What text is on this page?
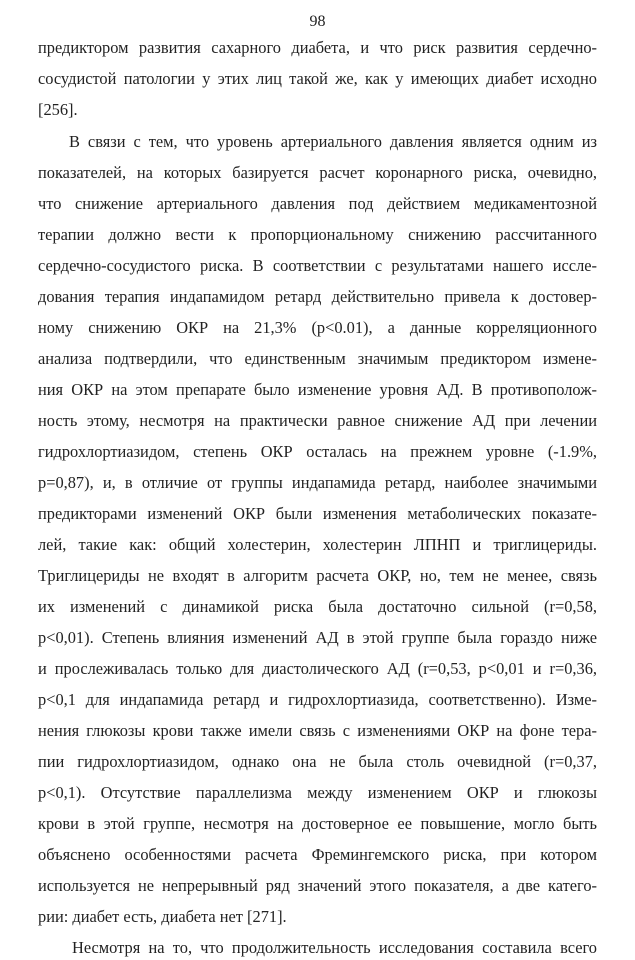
98
предиктором развития сахарного диабета, и что риск развития сердечно-
сосудистой патологии у этих лиц такой же, как у имеющих диабет исходно
[256].
В связи с тем, что уровень артериального давления является одним из
показателей, на которых базируется расчет коронарного риска, очевидно,
что снижение артериального давления под действием медикаментозной
терапии должно вести к пропорциональному снижению рассчитанного
сердечно-сосудистого риска. В соответствии с результатами нашего иссле-
дования терапия индапамидом ретард действительно привела к достовер-
ному снижению ОКР на 21,3% (p<0.01), а данные корреляционного
анализа подтвердили, что единственным значимым предиктором измене-
ния ОКР на этом препарате было изменение уровня АД. В противополож-
ность этому, несмотря на практически равное снижение АД при лечении
гидрохлортиазидом, степень ОКР осталась на прежнем уровне (-1.9%,
p=0,87), и, в отличие от группы индапамида ретард, наиболее значимыми
предикторами изменений ОКР были изменения метаболических показате-
лей, такие как: общий холестерин, холестерин ЛПНП и триглицериды.
Триглицериды не входят в алгоритм расчета ОКР, но, тем не менее, связь
их изменений с динамикой риска была достаточно сильной (r=0,58,
p<0,01). Степень влияния изменений АД в этой группе была гораздо ниже
и прослеживалась только для диастолического АД (r=0,53, p<0,01 и r=0,36,
p<0,1 для индапамида ретард и гидрохлортиазида, соответственно). Изме-
нения глюкозы крови также имели связь с изменениями ОКР на фоне тера-
пии гидрохлортиазидом, однако она не была столь очевидной (r=0,37,
p<0,1). Отсутствие параллелизма между изменением ОКР и глюкозы
крови в этой группе, несмотря на достоверное ее повышение, могло быть
объяснено особенностями расчета Фремингемского риска, при котором
используется не непрерывный ряд значений этого показателя, а две катего-
рии: диабет есть, диабета нет [271].
Несмотря на то, что продолжительность исследования составила всего
